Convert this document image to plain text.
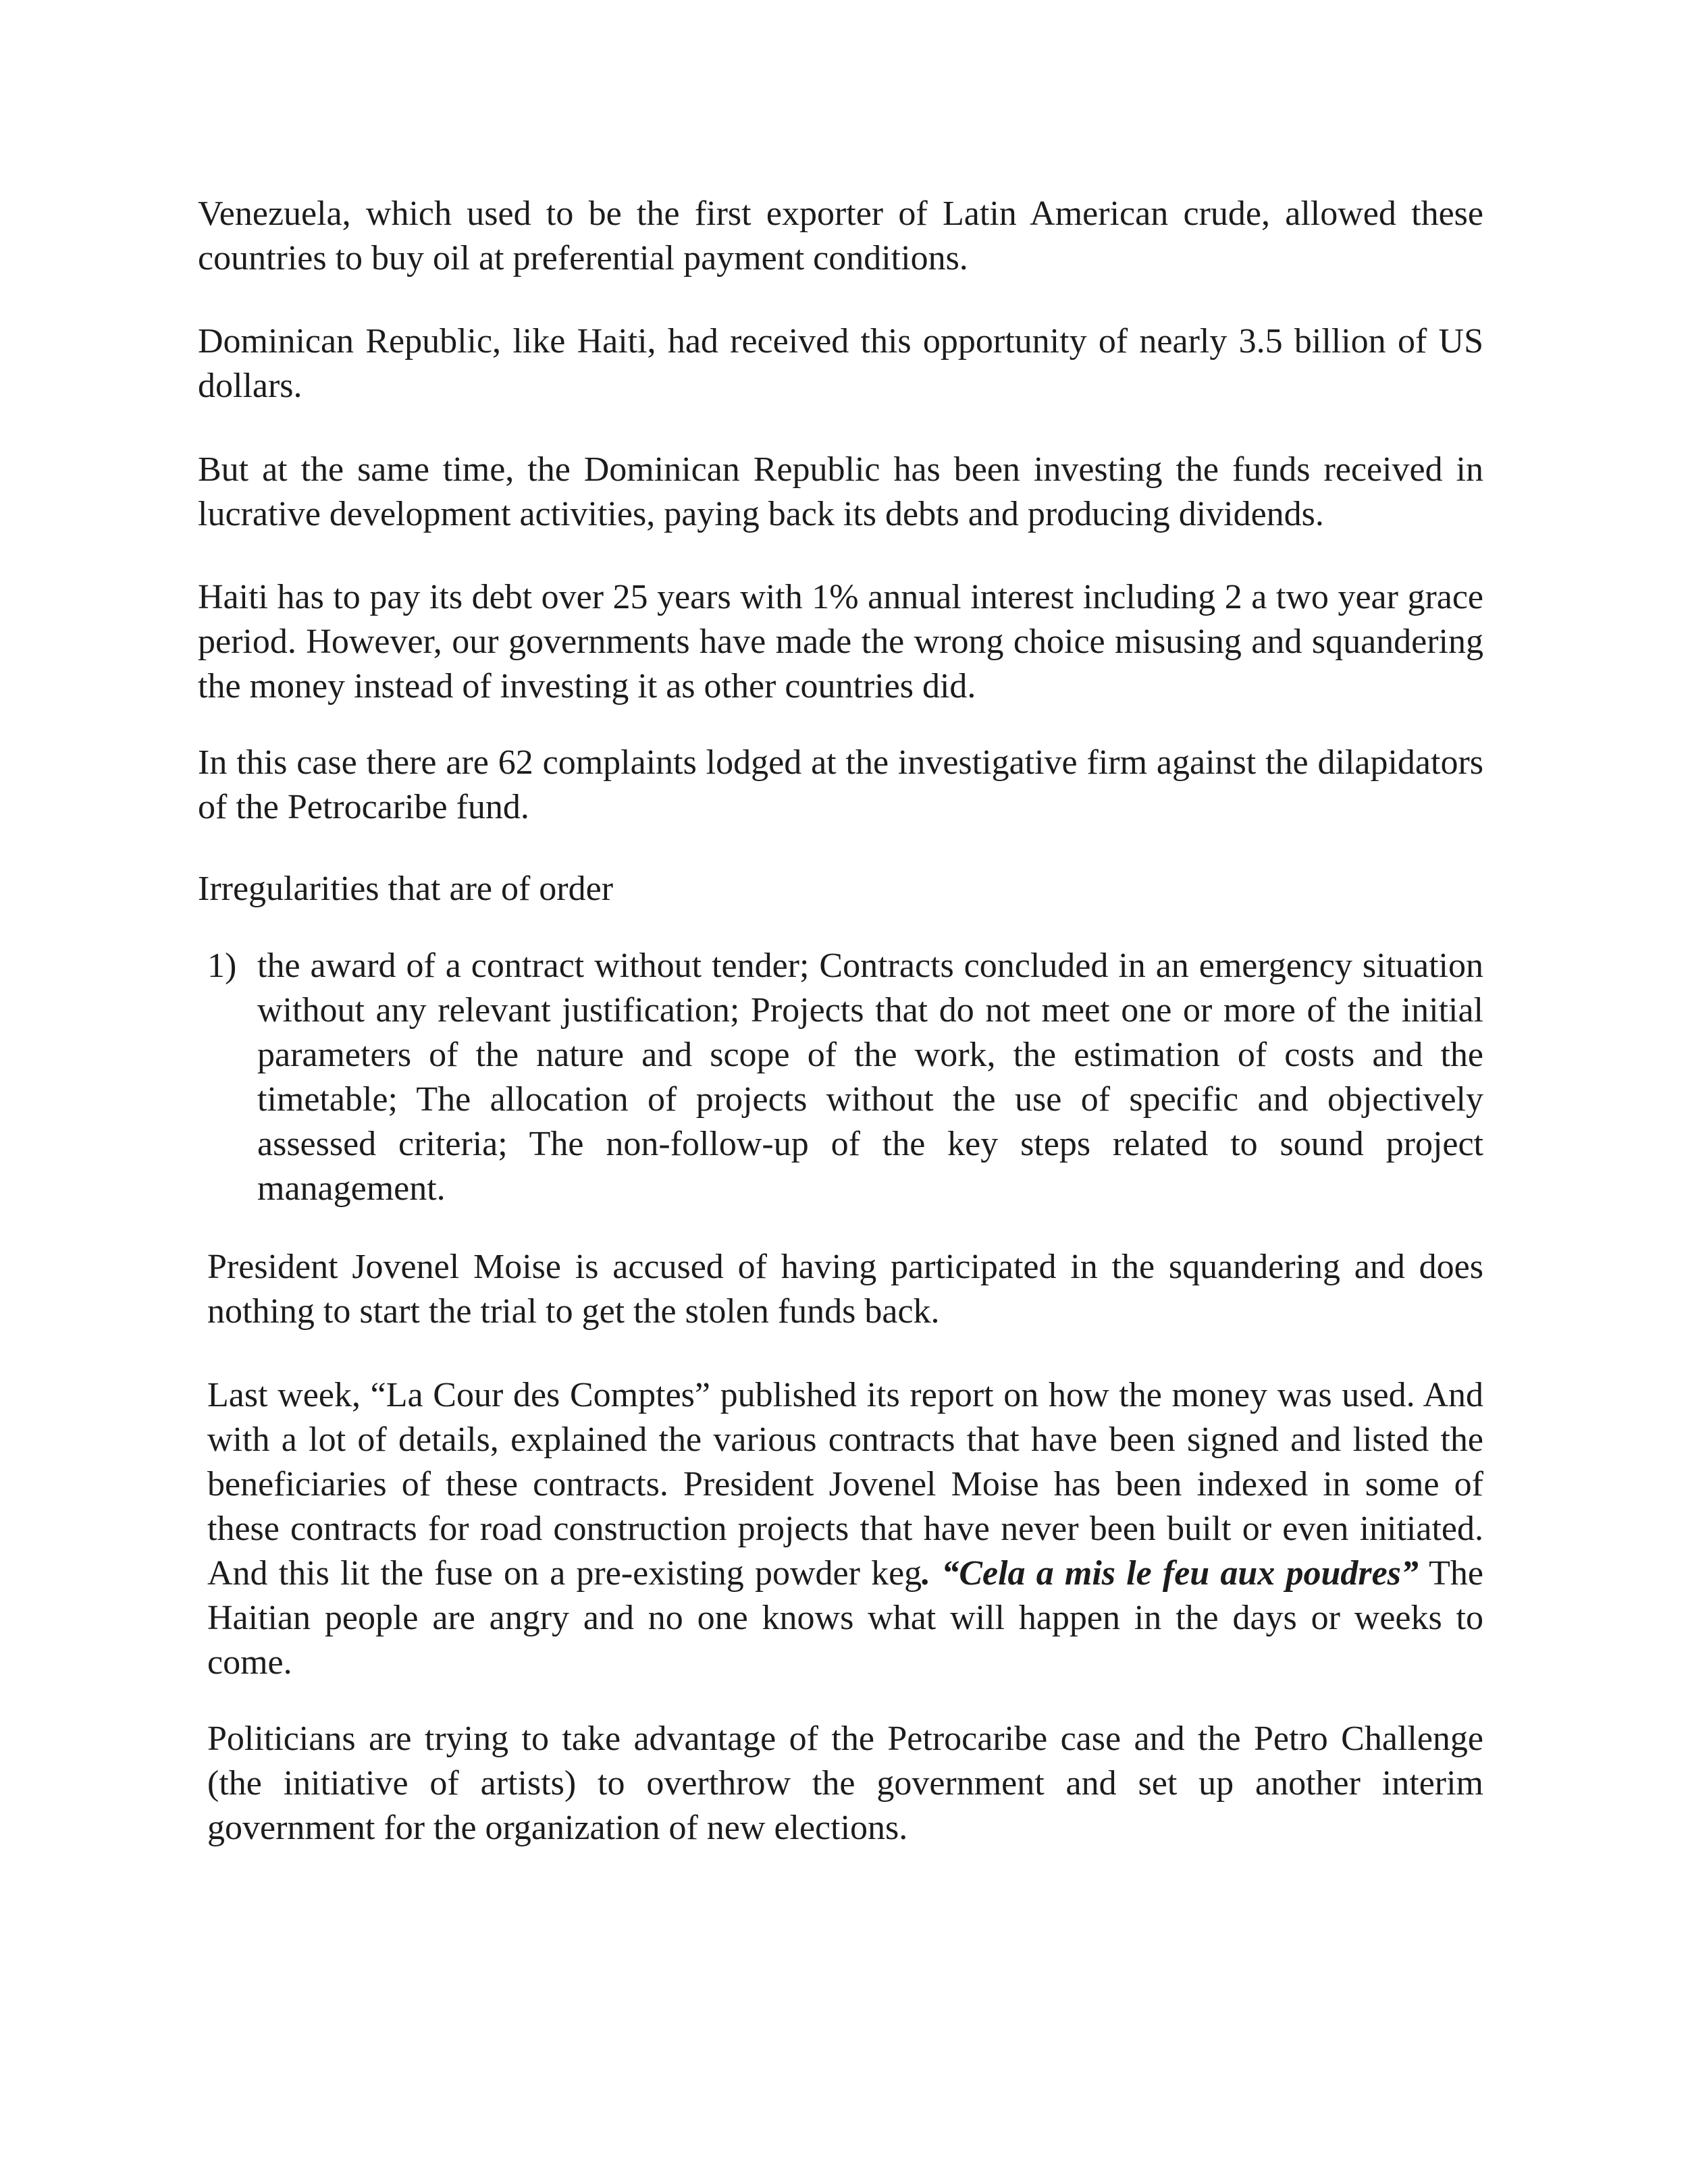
Venezuela, which used to be the first exporter of Latin American crude, allowed these countries to buy oil at preferential payment conditions.

Dominican Republic, like Haiti, had received this opportunity of nearly 3.5 billion of US dollars.

But at the same time, the Dominican Republic has been investing the funds received in lucrative development activities, paying back its debts and producing dividends.

Haiti has to pay its debt over 25 years with 1% annual interest including 2 a two year grace period. However, our governments have made the wrong choice misusing and squandering the money instead of investing it as other countries did.

In this case there are 62 complaints lodged at the investigative firm against the dilapidators of the Petrocaribe fund.

Irregularities that are of order

1) the award of a contract without tender; Contracts concluded in an emergency situation without any relevant justification; Projects that do not meet one or more of the initial parameters of the nature and scope of the work, the estimation of costs and the timetable; The allocation of projects without the use of specific and objectively assessed criteria; The non-follow-up of the key steps related to sound project management.

President Jovenel Moise is accused of having participated in the squandering and does nothing to start the trial to get the stolen funds back.

Last week, “La Cour des Comptes” published its report on how the money was used. And with a lot of details, explained the various contracts that have been signed and listed the beneficiaries of these contracts. President Jovenel Moise has been indexed in some of these contracts for road construction projects that have never been built or even initiated. And this lit the fuse on a pre-existing powder keg. “Cela a mis le feu aux poudres” The Haitian people are angry and no one knows what will happen in the days or weeks to come.

Politicians are trying to take advantage of the Petrocaribe case and the Petro Challenge (the initiative of artists) to overthrow the government and set up another interim government for the organization of new elections.
